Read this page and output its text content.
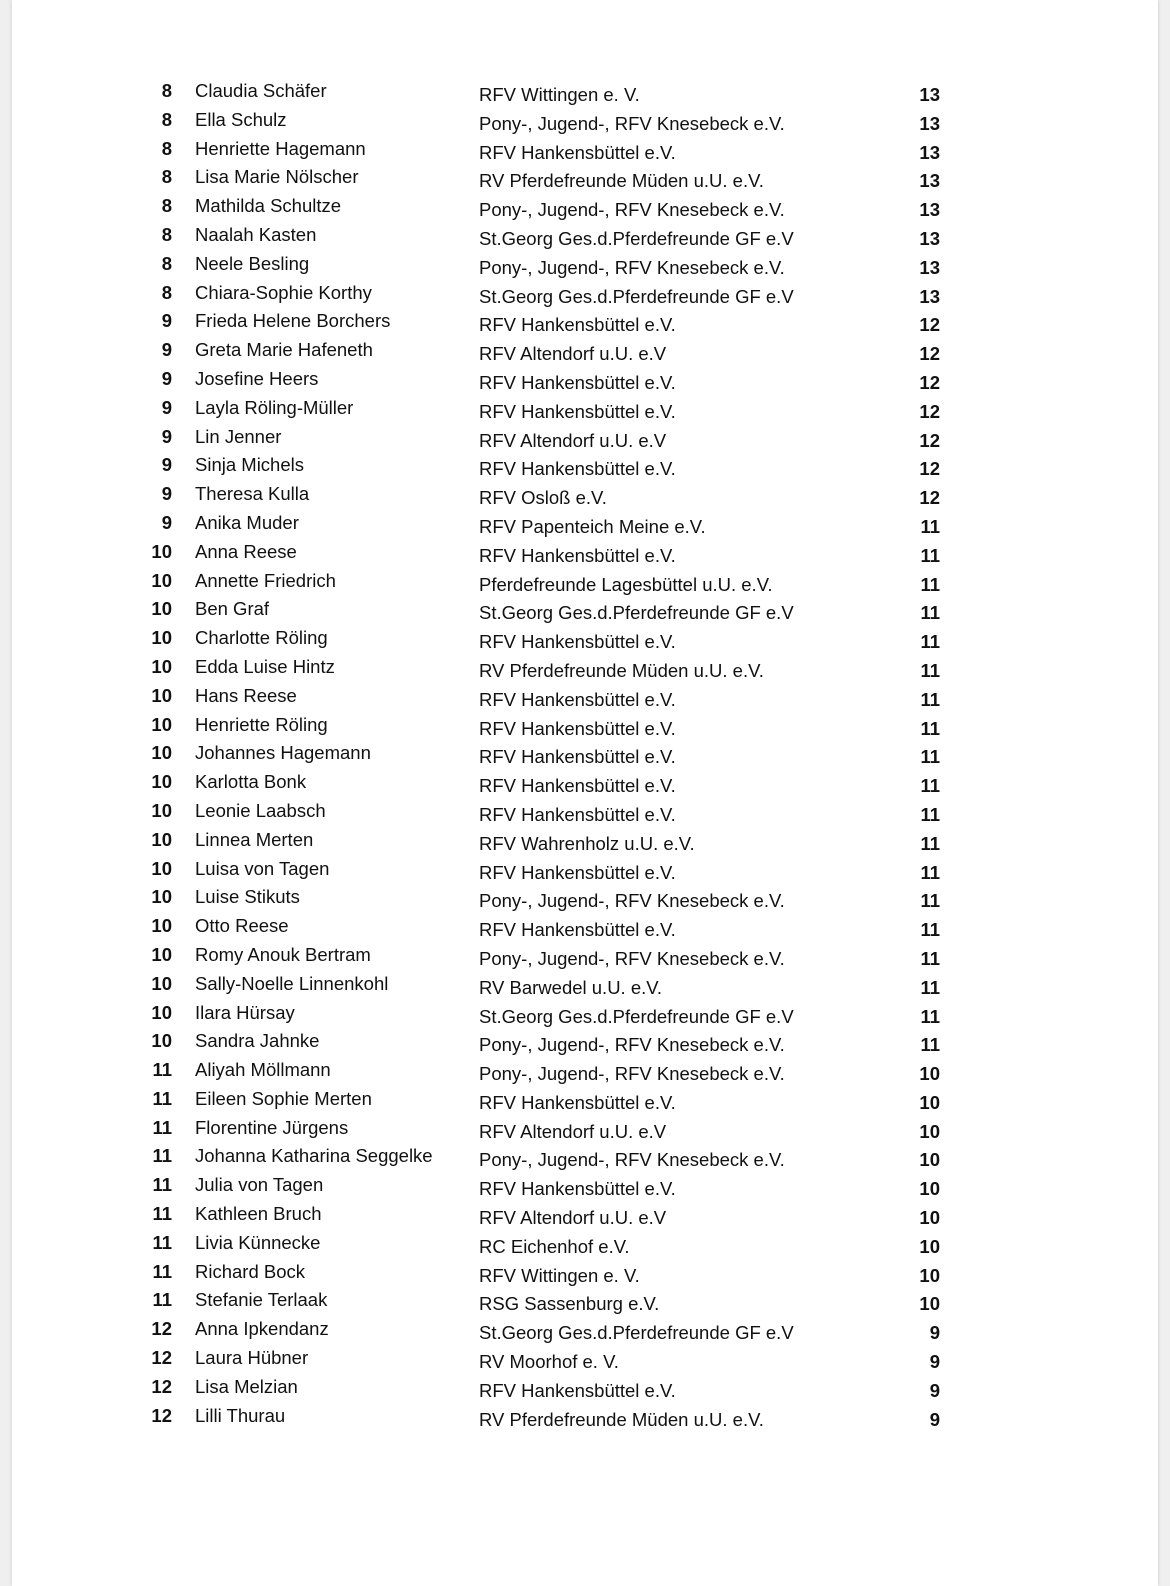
8 Claudia Schäfer	RFV Wittingen e. V.	13
8 Ella Schulz	Pony-, Jugend-, RFV Knesebeck e.V.	13
8 Henriette Hagemann	RFV Hankensbüttel e.V.	13
8 Lisa Marie Nölscher	RV Pferdefreunde Müden u.U. e.V.	13
8 Mathilda Schultze	Pony-, Jugend-, RFV Knesebeck e.V.	13
8 Naalah Kasten	St.Georg Ges.d.Pferdefreunde GF e.V	13
8 Neele Besling	Pony-, Jugend-, RFV Knesebeck e.V.	13
8 Chiara-Sophie Korthy	St.Georg Ges.d.Pferdefreunde GF e.V	13
9 Frieda Helene Borchers	RFV Hankensbüttel e.V.	12
9 Greta Marie Hafeneth	RFV Altendorf u.U. e.V	12
9 Josefine Heers	RFV Hankensbüttel e.V.	12
9 Layla Röling-Müller	RFV Hankensbüttel e.V.	12
9 Lin Jenner	RFV Altendorf u.U. e.V	12
9 Sinja Michels	RFV Hankensbüttel e.V.	12
9 Theresa Kulla	RFV Osloß e.V.	12
9 Anika Muder	RFV Papenteich Meine e.V.	11
10 Anna Reese	RFV Hankensbüttel e.V.	11
10 Annette Friedrich	Pferdefreunde Lagesbüttel u.U. e.V.	11
10 Ben Graf	St.Georg Ges.d.Pferdefreunde GF e.V	11
10 Charlotte Röling	RFV Hankensbüttel e.V.	11
10 Edda Luise Hintz	RV Pferdefreunde Müden u.U. e.V.	11
10 Hans Reese	RFV Hankensbüttel e.V.	11
10 Henriette Röling	RFV Hankensbüttel e.V.	11
10 Johannes Hagemann	RFV Hankensbüttel e.V.	11
10 Karlotta Bonk	RFV Hankensbüttel e.V.	11
10 Leonie Laabsch	RFV Hankensbüttel e.V.	11
10 Linnea Merten	RFV Wahrenholz u.U. e.V.	11
10 Luisa von Tagen	RFV Hankensbüttel e.V.	11
10 Luise Stikuts	Pony-, Jugend-, RFV Knesebeck e.V.	11
10 Otto Reese	RFV Hankensbüttel e.V.	11
10 Romy Anouk Bertram	Pony-, Jugend-, RFV Knesebeck e.V.	11
10 Sally-Noelle Linnenkohl	RV Barwedel u.U. e.V.	11
10 Ilara Hürsay	St.Georg Ges.d.Pferdefreunde GF e.V	11
10 Sandra Jahnke	Pony-, Jugend-, RFV Knesebeck e.V.	11
11 Aliyah Möllmann	Pony-, Jugend-, RFV Knesebeck e.V.	10
11 Eileen Sophie Merten	RFV Hankensbüttel e.V.	10
11 Florentine Jürgens	RFV Altendorf u.U. e.V	10
11 Johanna Katharina Seggelke	Pony-, Jugend-, RFV Knesebeck e.V.	10
11 Julia von Tagen	RFV Hankensbüttel e.V.	10
11 Kathleen Bruch	RFV Altendorf u.U. e.V	10
11 Livia Künnecke	RC Eichenhof e.V.	10
11 Richard Bock	RFV Wittingen e. V.	10
11 Stefanie Terlaak	RSG Sassenburg e.V.	10
12 Anna Ipkendanz	St.Georg Ges.d.Pferdefreunde GF e.V	9
12 Laura Hübner	RV Moorhof e. V.	9
12 Lisa Melzian	RFV Hankensbüttel e.V.	9
12 Lilli Thurau	RV Pferdefreunde Müden u.U. e.V.	9
